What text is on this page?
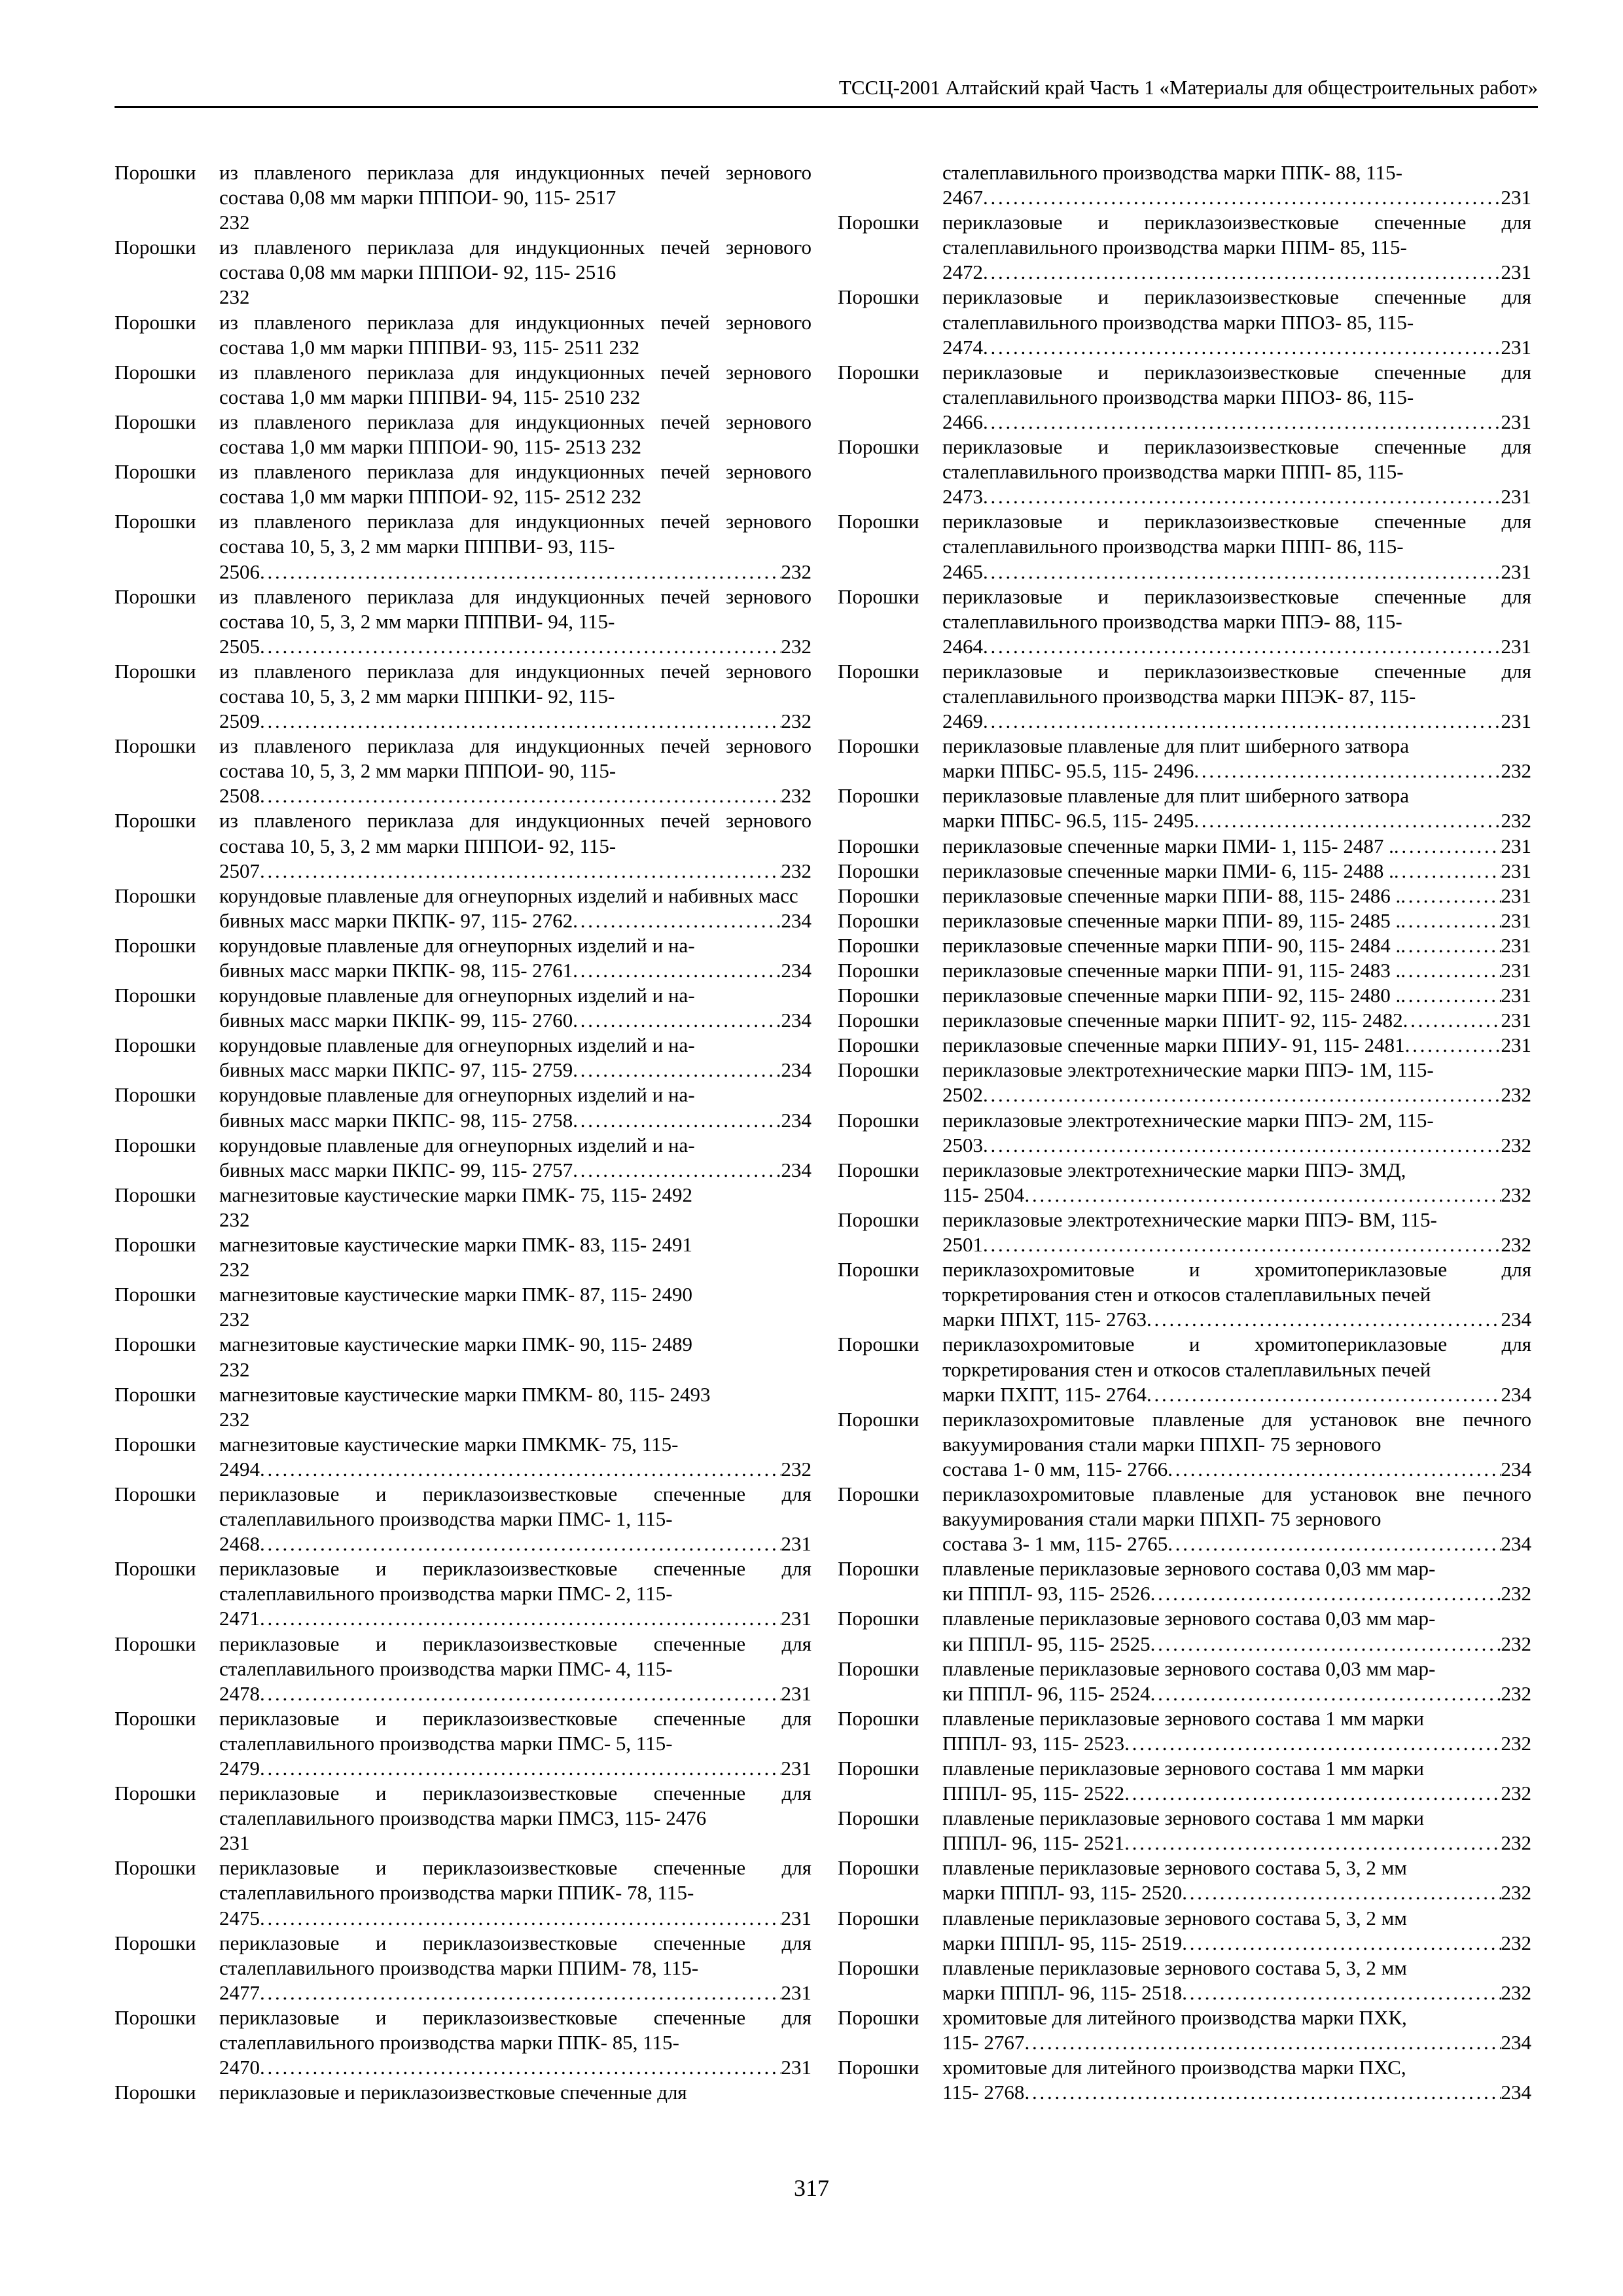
ТССЦ-2001 Алтайский край Часть 1 «Материалы для общестроительных работ»
Порошки	из плавленого периклаза для индукционных печей зернового состава 0,08 мм марки ПППОИ- 90, 115- 2517
232
Порошки	из плавленого периклаза для индукционных печей зернового состава 0,08 мм марки ПППОИ- 92, 115- 2516
232
Порошки	из плавленого периклаза для индукционных печей зернового состава 1,0 мм марки ПППВИ- 93, 115- 2511 232
Порошки	из плавленого периклаза для индукционных печей зернового состава 1,0 мм марки ПППВИ- 94, 115- 2510 232
Порошки	из плавленого периклаза для индукционных печей зернового состава 1,0 мм марки ПППОИ- 90, 115- 2513 232
Порошки	из плавленого периклаза для индукционных печей зернового состава 1,0 мм марки ПППОИ- 92, 115- 2512 232
Порошки	из плавленого периклаза для индукционных печей зернового состава 10, 5, 3, 2 мм марки ПППВИ- 93, 115-
2506 . . .	232
Порошки	из плавленого периклаза для индукционных печей зернового состава 10, 5, 3, 2 мм марки ПППВИ- 94, 115-
2505 . . .	232
Порошки	из плавленого периклаза для индукционных печей зернового состава 10, 5, 3, 2 мм марки ПППКИ- 92, 115-
2509 . . .	232
Порошки	из плавленого периклаза для индукционных печей зернового состава 10, 5, 3, 2 мм марки ПППОИ- 90, 115-
2508 . . .	232
Порошки	из плавленого периклаза для индукционных печей зернового состава 10, 5, 3, 2 мм марки ПППОИ- 92, 115-
2507 . . .	232
Порошки	корундовые плавленые для огнеупорных изделий и набивных масс
бивных масс марки ПКПК- 97, 115- 2762 . . .	234
Порошки	корундовые плавленые для огнеупорных изделий и на-
бивных масс марки ПКПК- 98, 115- 2761 . . .	234
Порошки	корундовые плавленые для огнеупорных изделий и на-
бивных масс марки ПКПК- 99, 115- 2760 . . .	234
Порошки	корундовые плавленые для огнеупорных изделий и на-
бивных масс марки ПКПС- 97, 115- 2759 . . .	234
Порошки	корундовые плавленые для огнеупорных изделий и на-
бивных масс марки ПКПС- 98, 115- 2758 . . .	234
Порошки	корундовые плавленые для огнеупорных изделий и на-
бивных масс марки ПКПС- 99, 115- 2757 . . .	234
Порошки	магнезитовые каустические марки ПМК- 75, 115- 2492
232
Порошки	магнезитовые каустические марки ПМК- 83, 115- 2491
232
Порошки	магнезитовые каустические марки ПМК- 87, 115- 2490
232
Порошки	магнезитовые каустические марки ПМК- 90, 115- 2489
232
Порошки	магнезитовые каустические марки ПМКМ- 80, 115- 2493
232
Порошки	магнезитовые каустические марки ПМКМК- 75, 115-
2494 . . .	232
Порошки	периклазовые и периклазоизвестковые спеченные для сталеплавильного производства марки ПМС- 1, 115-
2468 . . .	231
Порошки	периклазовые и периклазоизвестковые спеченные для сталеплавильного производства марки ПМС- 2, 115-
2471 . . .	231
Порошки	периклазовые и периклазоизвестковые спеченные для сталеплавильного производства марки ПМС- 4, 115-
2478 . . .	231
Порошки	периклазовые и периклазоизвестковые спеченные для сталеплавильного производства марки ПМС- 5, 115-
2479 . . .	231
Порошки	периклазовые и периклазоизвестковые спеченные для сталеплавильного производства марки ПМСЗ, 115- 2476
231
Порошки	периклазовые и периклазоизвестковые спеченные для сталеплавильного производства марки ППИК- 78, 115-
2475 . . .	231
Порошки	периклазовые и периклазоизвестковые спеченные для сталеплавильного производства марки ППИМ- 78, 115-
2477 . . .	231
Порошки	периклазовые и периклазоизвестковые спеченные для сталеплавильного производства марки ППК- 85, 115-
2470 . . .	231
Порошки	периклазовые и периклазоизвестковые спеченные для
сталеплавильного производства марки ППК- 88, 115-
2467 . . .	231
Порошки	периклазовые и периклазоизвестковые спеченные для сталеплавильного производства марки ППМ- 85, 115-
2472 . . .	231
Порошки	периклазовые и периклазоизвестковые спеченные для сталеплавильного производства марки ППОЗ- 85, 115-
2474 . . .	231
Порошки	периклазовые и периклазоизвестковые спеченные для сталеплавильного производства марки ППОЗ- 86, 115-
2466 . . .	231
Порошки	периклазовые и периклазоизвестковые спеченные для сталеплавильного производства марки ППП- 85, 115-
2473 . . .	231
Порошки	периклазовые и периклазоизвестковые спеченные для сталеплавильного производства марки ППП- 86, 115-
2465 . . .	231
Порошки	периклазовые и периклазоизвестковые спеченные для сталеплавильного производства марки ППЭ- 88, 115-
2464 . . .	231
Порошки	периклазовые и периклазоизвестковые спеченные для сталеплавильного производства марки ППЭК- 87, 115-
2469 . . .	231
Порошки	периклазовые плавленые для плит шиберного затвора
марки ППБС- 95.5, 115- 2496 . . .	232
Порошки	периклазовые плавленые для плит шиберного затвора
марки ППБС- 96.5, 115- 2495 . . .	232
Порошки	периклазовые спеченные марки ПМИ- 1, 115- 2487 . . . .	231
Порошки	периклазовые спеченные марки ПМИ- 6, 115- 2488 . . . .	231
Порошки	периклазовые спеченные марки ППИ- 88, 115- 2486 . . . .	231
Порошки	периклазовые спеченные марки ППИ- 89, 115- 2485 . . . .	231
Порошки	периклазовые спеченные марки ППИ- 90, 115- 2484 . . . .	231
Порошки	периклазовые спеченные марки ППИ- 91, 115- 2483 . . . .	231
Порошки	периклазовые спеченные марки ППИ- 92, 115- 2480 . . . .	231
Порошки	периклазовые спеченные марки ППИТ- 92, 115- 2482 . . .	231
Порошки	периклазовые спеченные марки ППИУ- 91, 115- 2481 . . .	231
Порошки	периклазовые электротехнические марки ППЭ- 1М, 115-
2502 . . .	232
Порошки	периклазовые электротехнические марки ППЭ- 2М, 115-
2503 . . .	232
Порошки	периклазовые электротехнические марки ППЭ- 3МД,
115- 2504 . . .	232
Порошки	периклазовые электротехнические марки ППЭ- ВМ, 115-
2501 . . .	232
Порошки	периклазохромитовые и хромитопериклазовые для торкретирования стен и откосов сталеплавильных печей
марки ППХТ, 115- 2763 . . .	234
Порошки	периклазохромитовые и хромитопериклазовые для торкретирования стен и откосов сталеплавильных печей
марки ПХПТ, 115- 2764 . . .	234
Порошки	периклазохромитовые плавленые для установок вне печного вакуумирования стали марки ППХП- 75 зернового
состава 1- 0 мм, 115- 2766 . . .	234
Порошки	периклазохромитовые плавленые для установок вне печного вакуумирования стали марки ППХП- 75 зернового
состава 3- 1 мм, 115- 2765 . . .	234
Порошки	плавленые периклазовые зернового состава 0,03 мм мар-
ки ПППЛ- 93, 115- 2526 . . .	232
Порошки	плавленые периклазовые зернового состава 0,03 мм мар-
ки ПППЛ- 95, 115- 2525 . . .	232
Порошки	плавленые периклазовые зернового состава 0,03 мм мар-
ки ПППЛ- 96, 115- 2524 . . .	232
Порошки	плавленые периклазовые зернового состава 1 мм марки
ПППЛ- 93, 115- 2523 . . .	232
Порошки	плавленые периклазовые зернового состава 1 мм марки
ПППЛ- 95, 115- 2522 . . .	232
Порошки	плавленые периклазовые зернового состава 1 мм марки
ПППЛ- 96, 115- 2521 . . .	232
Порошки	плавленые периклазовые зернового состава 5, 3, 2 мм
марки ПППЛ- 93, 115- 2520 . . .	232
Порошки	плавленые периклазовые зернового состава 5, 3, 2 мм
марки ПППЛ- 95, 115- 2519 . . .	232
Порошки	плавленые периклазовые зернового состава 5, 3, 2 мм
марки ПППЛ- 96, 115- 2518 . . .	232
Порошки	хромитовые для литейного производства марки ПХК,
115- 2767 . . .	234
Порошки	хромитовые для литейного производства марки ПХС,
115- 2768 . . .	234
317
